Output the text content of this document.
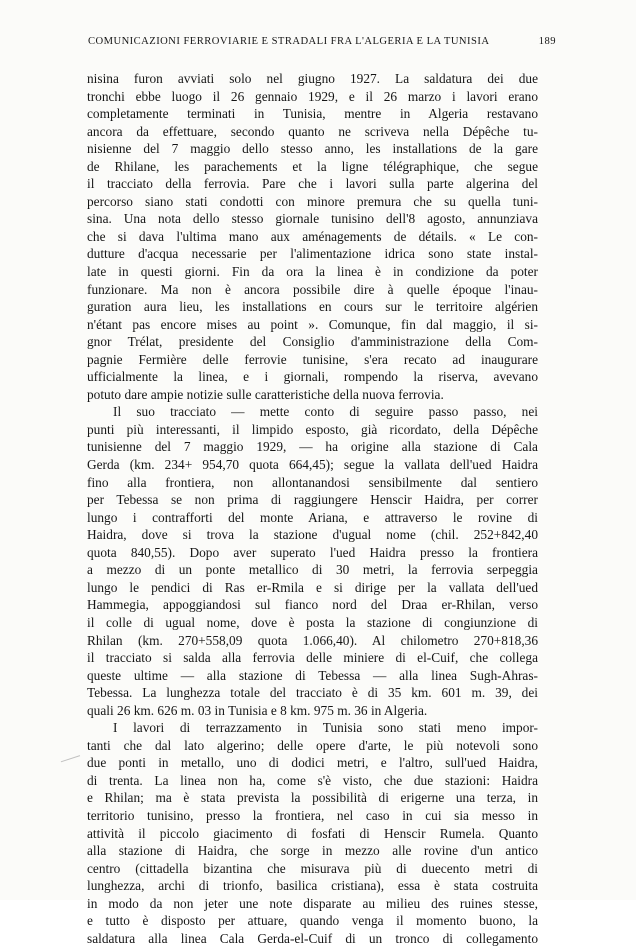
COMUNICAZIONI FERROVIARIE E STRADALI FRA L'ALGERIA E LA TUNISIA	189
nisina furon avviati solo nel giugno 1927. La saldatura dei due
tronchi ebbe luogo il 26 gennaio 1929, e il 26 marzo i lavori erano
completamente terminati in Tunisia, mentre in Algeria restavano
ancora da effettuare, secondo quanto ne scriveva nella Dépêche tu-
nisienne del 7 maggio dello stesso anno, les installations de la gare
de Rhilane, les parachements et la ligne télégraphique, che segue
il tracciato della ferrovia. Pare che i lavori sulla parte algerina del
percorso siano stati condotti con minore premura che su quella tuni-
sina. Una nota dello stesso giornale tunisino dell'8 agosto, annunziava
che si dava l'ultima mano aux aménagements de détails. « Le con-
dutture d'acqua necessarie per l'alimentazione idrica sono state instal-
late in questi giorni. Fin da ora la linea è in condizione da poter
funzionare. Ma non è ancora possibile dire à quelle époque l'inau-
guration aura lieu, les installations en cours sur le territoire algérien
n'étant pas encore mises au point ». Comunque, fin dal maggio, il si-
gnor Trélat, presidente del Consiglio d'amministrazione della Com-
pagnie Fermière delle ferrovie tunisine, s'era recato ad inaugurare
ufficialmente la linea, e i giornali, rompendo la riserva, avevano
potuto dare ampie notizie sulle caratteristiche della nuova ferrovia.
Il suo tracciato — mette conto di seguire passo passo, nei
punti più interessanti, il limpido esposto, già ricordato, della Dépêche
tunisienne del 7 maggio 1929, — ha origine alla stazione di Cala
Gerda (km. 234+ 954,70 quota 664,45); segue la vallata dell'ued Haidra
fino alla frontiera, non allontanandosi sensibilmente dal sentiero
per Tebessa se non prima di raggiungere Henscir Haidra, per correr
lungo i contrafforti del monte Ariana, e attraverso le rovine di
Haidra, dove si trova la stazione d'ugual nome (chil. 252+842,40
quota 840,55). Dopo aver superato l'ued Haidra presso la frontiera
a mezzo di un ponte metallico di 30 metri, la ferrovia serpeggia
lungo le pendici di Ras er-Rmila e si dirige per la vallata dell'ued
Hammegia, appoggiandosi sul fianco nord del Draa er-Rhilan, verso
il colle di ugual nome, dove è posta la stazione di congiunzione di
Rhilan (km. 270+558,09 quota 1.066,40). Al chilometro 270+818,36
il tracciato si salda alla ferrovia delle miniere di el-Cuif, che collega
queste ultime — alla stazione di Tebessa — alla linea Sugh-Ahras-
Tebessa. La lunghezza totale del tracciato è di 35 km. 601 m. 39, dei
quali 26 km. 626 m. 03 in Tunisia e 8 km. 975 m. 36 in Algeria.
I lavori di terrazzamento in Tunisia sono stati meno impor-
tanti che dal lato algerino; delle opere d'arte, le più notevoli sono
due ponti in metallo, uno di dodici metri, e l'altro, sull'ued Haidra,
di trenta. La linea non ha, come s'è visto, che due stazioni: Haidra
e Rhilan; ma è stata prevista la possibilità di erigerne una terza, in
territorio tunisino, presso la frontiera, nel caso in cui sia messo in
attività il piccolo giacimento di fosfati di Henscir Rumela. Quanto
alla stazione di Haidra, che sorge in mezzo alle rovine d'un antico
centro (cittadella bizantina che misurava più di duecento metri di
lunghezza, archi di trionfo, basilica cristiana), essa è stata costruita
in modo da non jeter une note disparate au milieu des ruines stesse,
e tutto è disposto per attuare, quando venga il momento buono, la
saldatura alla linea Cala Gerda-el-Cuif di un tronco di collegamento
